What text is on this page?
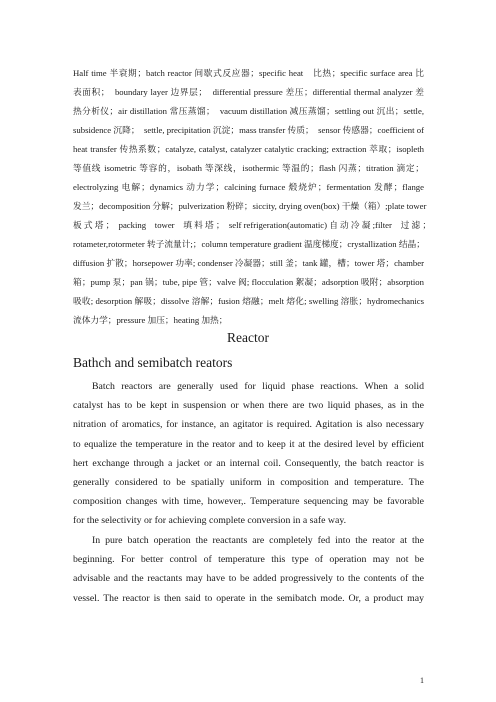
Half time 半衰期；batch reactor 间歇式反应器；specific heat　比热；specific surface area 比
表面积；　boundary layer 边界层；　differential pressure 差压；differential thermal analyzer 差
热分析仪；air distillation 常压蒸馏；　vacuum distillation 减压蒸馏；settling out 沉出；settle,
subsidence 沉降；　settle, precipitation 沉淀；mass transfer 传质；　sensor 传感器；coefficient of
heat transfer 传热系数；catalyze, catalyst, catalyzer catalytic cracking; extraction 萃取；isopleth
等值线 isometric 等容的，isobath 等深线，isothermic 等温的；flash 闪蒸；titration 滴定；
electrolyzing 电解；dynamics 动力学；calcining furnace 煅烧炉；fermentation 发酵；flange
发兰；decomposition 分解；pulverization 粉碎；siccity, drying oven(box) 干燥（箱）;plate tower
板 式 塔 ；　packing　tower　填 料 塔 ；　self refrigeration(automatic) 自 动 冷 凝 ;filter　过 滤 ；
rotameter,rotormeter 转子流量计;；column temperature gradient 温度梯度；crystallization 结晶；
diffusion 扩散；horsepower 功率; condenser 冷凝器；still 釜；tank 罐，槽；tower 塔；chamber
箱；pump 泵；pan 锅；tube, pipe 管；valve 阀; flocculation 絮凝；adsorption 吸附；absorption
吸收; desorption 解吸；dissolve 溶解；fusion 熔融；melt 熔化; swelling 溶胀；hydromechanics
流体力学；pressure 加压；heating 加热；
Reactor
Bathch and semibatch reators
Batch reactors are generally used for liquid phase reactions. When a solid
catalyst has to be kept in suspension or when there are two liquid phases, as in the
nitration of aromatics, for instance, an agitator is required. Agitation is also necessary
to equalize the temperature in the reator and to keep it at the desired level by efficient
hert exchange through a jacket or an internal coil. Consequently, the batch reactor is
generally considered to be spatially uniform in composition and temperature. The
composition changes with time, however,. Temperature sequencing may be favorable
for the selectivity or for achieving complete conversion in a safe way.
In pure batch operation the reactants are completely fed into the reator at the
beginning. For better control of temperature this type of operation may not be
advisable and the reactants may have to be added progressively to the contents of the
vessel. The reactor is then said to operate in the semibatch mode. Or, a product may
1
